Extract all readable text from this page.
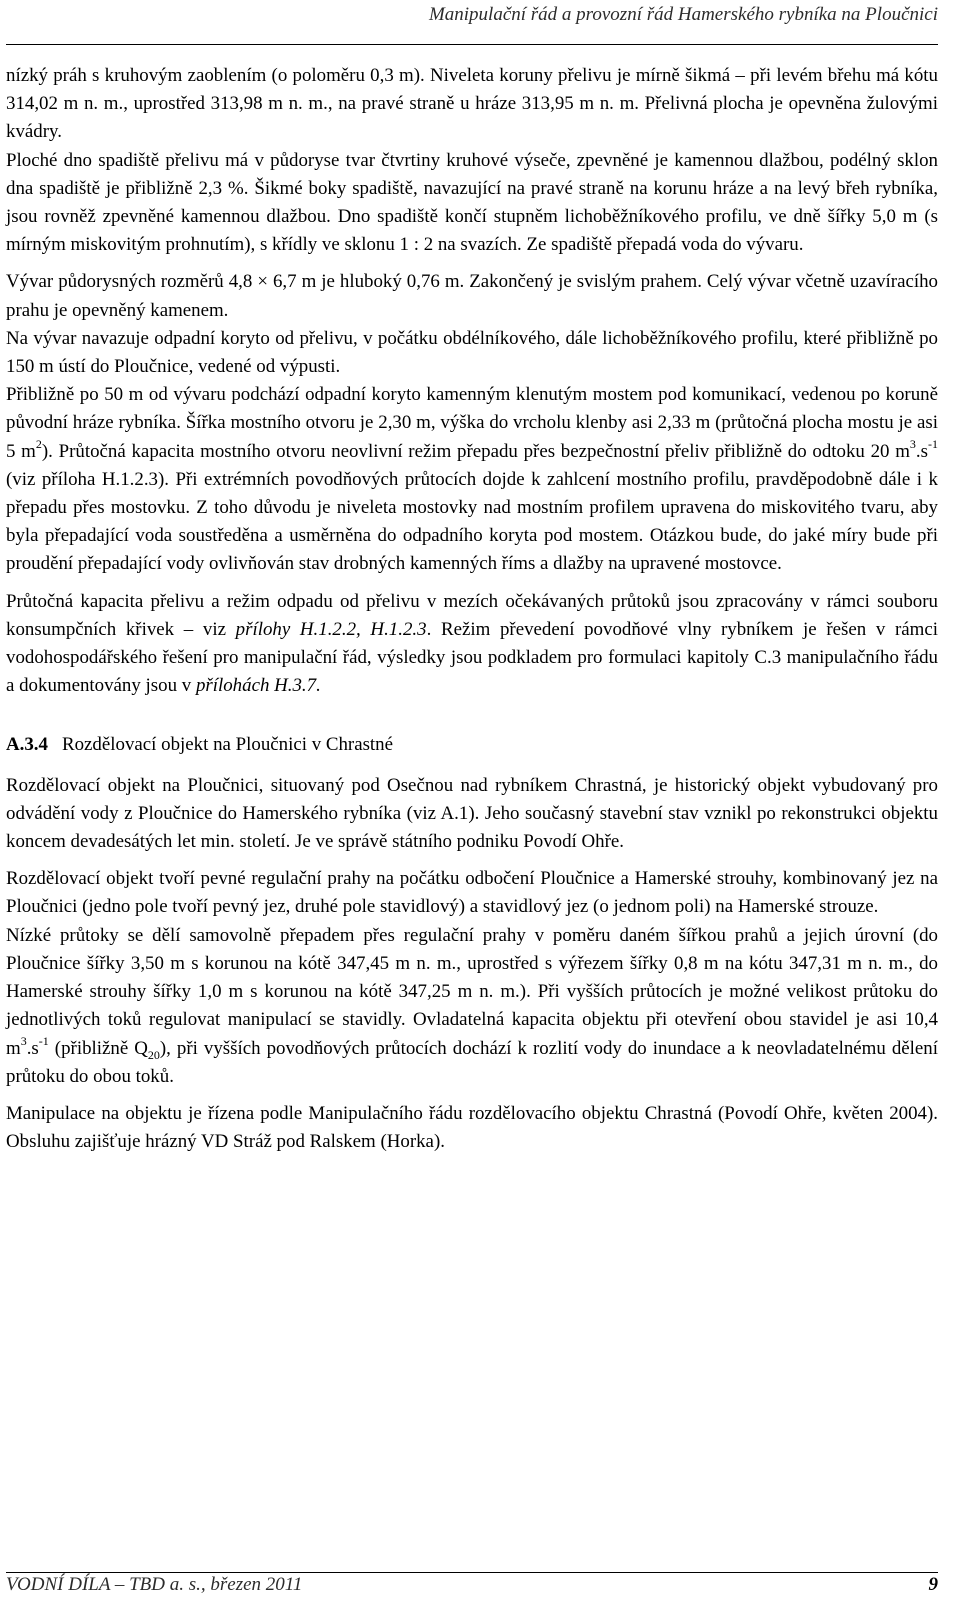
Manipulační řád a provozní řád Hamerského rybníka na Ploučnici

nízký práh s kruhovým zaoblením (o poloměru 0,3 m). Niveleta koruny přelivu je mírně šikmá – při levém břehu má kótu 314,02 m n. m., uprostřed 313,98 m n. m., na pravé straně u hráze 313,95 m n. m. Přelivná plocha je opevněna žulovými kvádry.

Ploché dno spadiště přelivu má v půdoryse tvar čtvrtiny kruhové výseče, zpevněné je kamennou dlažbou, podélný sklon dna spadiště je přibližně 2,3 %. Šikmé boky spadiště, navazující na pravé straně na korunu hráze a na levý břeh rybníka, jsou rovněž zpevněné kamennou dlažbou. Dno spadiště končí stupněm lichoběžníkového profilu, ve dně šířky 5,0 m (s mírným miskovitým prohnutím), s křídly ve sklonu 1 : 2 na svazích. Ze spadiště přepadá voda do vývaru.

Vývar půdorysných rozměrů 4,8 × 6,7 m je hluboký 0,76 m. Zakončený je svislým prahem. Celý vývar včetně uzavíracího prahu je opevněný kamenem.

Na vývar navazuje odpadní koryto od přelivu, v počátku obdélníkového, dále lichoběžníkového profilu, které přibližně po 150 m ústí do Ploučnice, vedené od výpusti.

Přibližně po 50 m od vývaru podchází odpadní koryto kamenným klenutým mostem pod komunikací, vedenou po koruně původní hráze rybníka. Šířka mostního otvoru je 2,30 m, výška do vrcholu klenby asi 2,33 m (průtočná plocha mostu je asi 5 $m^2$). Průtočná kapacita mostního otvoru neovlivní režim přepadu přes bezpečnostní přeliv přibližně do odtoku 20 $m^3.s^{-1}$ (viz příloha H.1.2.3). Při extrémních povodňových průtocích dojde k zahlcení mostního profilu, pravděpodobně dále i k přepadu přes mostovku. Z toho důvodu je niveleta mostovky nad mostním profilem upravena do miskovitého tvaru, aby byla přepadající voda soustředěna a usměrněna do odpadního koryta pod mostem. Otázkou bude, do jaké míry bude při proudění přepadající vody ovlivňován stav drobných kamenných říms a dlažby na upravené mostovce.

Průtočná kapacita přelivu a režim odpadu od přelivu v mezích očekávaných průtoků jsou zpracovány v rámci souboru konsumpčních křivek – viz přílohy H.1.2.2, H.1.2.3. Režim převedení povodňové vlny rybníkem je řešen v rámci vodohospodářského řešení pro manipulační řád, výsledky jsou podkladem pro formulaci kapitoly C.3 manipulačního řádu a dokumentovány jsou v přílohách H.3.7.

A.3.4 Rozdělovací objekt na Ploučnici v Chrastné

Rozdělovací objekt na Ploučnici, situovaný pod Osečnou nad rybníkem Chrastná, je historický objekt vybudovaný pro odvádění vody z Ploučnice do Hamerského rybníka (viz A.1). Jeho současný stavební stav vznikl po rekonstrukci objektu koncem devadesátých let min. století. Je ve správě státního podniku Povodí Ohře.

Rozdělovací objekt tvoří pevné regulační prahy na počátku odbočení Ploučnice a Hamerské strouhy, kombinovaný jez na Ploučnici (jedno pole tvoří pevný jez, druhé pole stavidlový) a stavidlový jez (o jednom poli) na Hamerské strouze.

Nízké průtoky se dělí samovolně přepadem přes regulační prahy v poměru daném šířkou prahů a jejich úrovní (do Ploučnice šířky 3,50 m s korunou na kótě 347,45 m n. m., uprostřed s výřezem šířky 0,8 m na kótu 347,31 m n. m., do Hamerské strouhy šířky 1,0 m s korunou na kótě 347,25 m n. m.). Při vyšších průtocích je možné velikost průtoku do jednotlivých toků regulovat manipulací se stavidly. Ovladatelná kapacita objektu při otevření obou stavidel je asi 10,4 $m^3.s^{-1}$ (přibližně $Q_{20}$), při vyšších povodňových průtocích dochází k rozlití vody do inundace a k neovladatelnému dělení průtoku do obou toků.

Manipulace na objektu je řízena podle Manipulačního řádu rozdělovacího objektu Chrastná (Povodí Ohře, květen 2004). Obsluhu zajišťuje hrázný VD Stráž pod Ralskem (Horka).

VODNÍ DÍLA – TBD a. s., březen 2011	9
